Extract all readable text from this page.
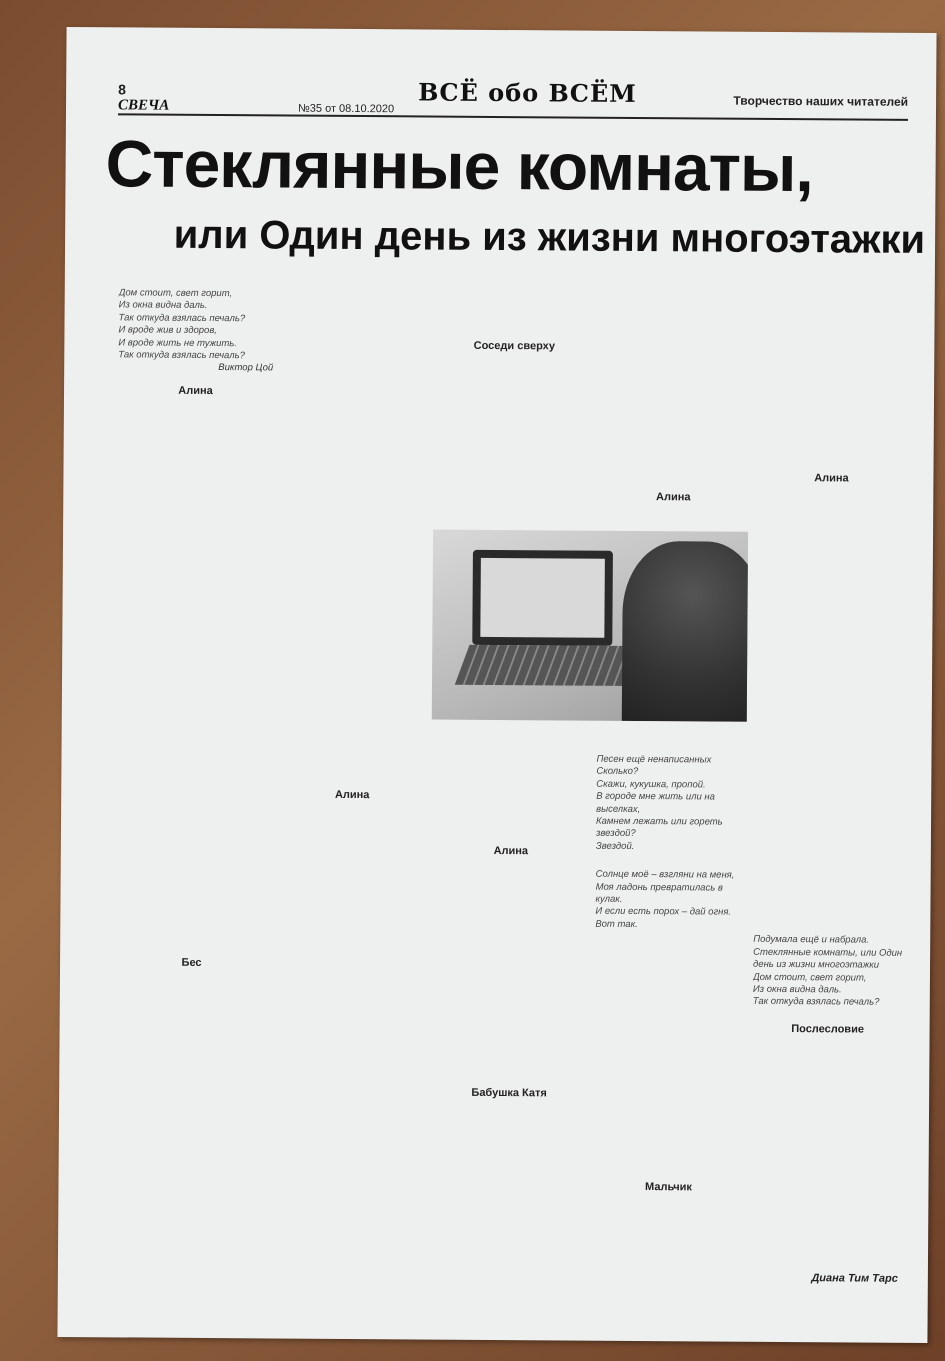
8
СВЕЧА	№35 от 08.10.2020
ВСЁ обо ВСЁМ	Творчество наших читателей
Стеклянные комнаты,
или Один день из жизни многоэтажки
Дом стоит, свет горит,
Из окна видна даль.
Так откуда взялась печаль?
И вроде жив и здоров,
И вроде жить не тужить.
Так откуда взялась печаль?
Виктор Цой
Алина
Бес
Алина
Соседи сверху
Алина
Алина
Бабушка Катя
Песен ещё ненаписанных
Сколько?
Скажи, кукушка, пропой.
В городе мне жить или на выселках,
Камнем лежать или гореть звездой?
Звездой.
Солнце моё – взгляни на меня,
Моя ладонь превратилась в кулак.
И если есть порох – дай огня.
Вот так.
Мальчик
Алина
Подумала ещё и набрала.
Стеклянные комнаты, или Один день из жизни многоэтажки
Дом стоит, свет горит,
Из окна видна даль.
Так откуда взялась печаль?
Послесловие
Диана Тим Тарс
